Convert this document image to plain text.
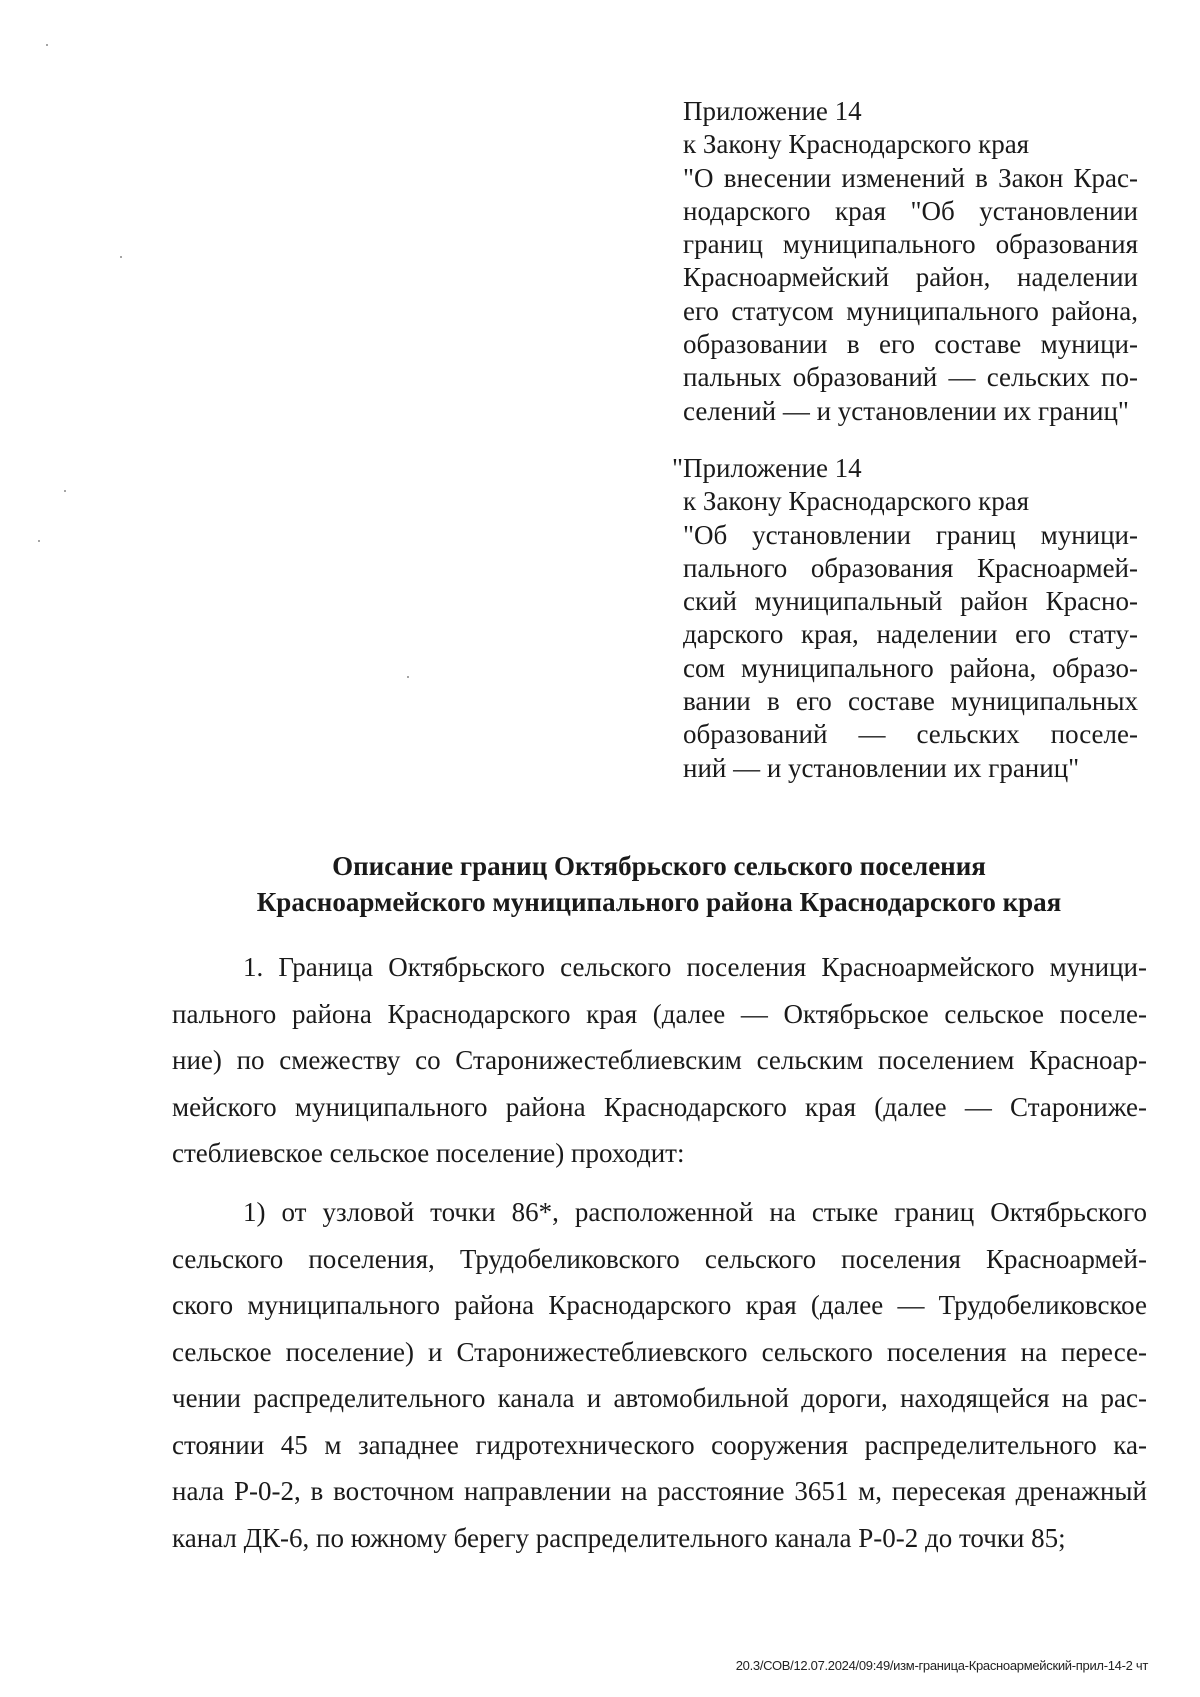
Приложение 14
к Закону Краснодарского края
"О внесении изменений в Закон Крас-
нодарского края "Об установлении
границ муниципального образования
Красноармейский район, наделении
его статусом муниципального района,
образовании в его составе муници-
пальных образований — сельских по-
селений — и установлении их границ"
"Приложение 14
к Закону Краснодарского края
"Об установлении границ муници-
пального образования Красноармей-
ский муниципальный район Красно-
дарского края, наделении его стату-
сом муниципального района, образо-
вании в его составе муниципальных
образований — сельских поселе-
ний — и установлении их границ"
Описание границ Октябрьского сельского поселения
Красноармейского муниципального района Краснодарского края
1. Граница Октябрьского сельского поселения Красноармейского муници-
пального района Краснодарского края (далее — Октябрьское сельское поселе-
ние) по смежеству со Старонижестеблиевским сельским поселением Красноар-
мейского муниципального района Краснодарского края (далее — Старониже-
стеблиевское сельское поселение) проходит:
1) от узловой точки 86*, расположенной на стыке границ Октябрьского
сельского поселения, Трудобеликовского сельского поселения Красноармей-
ского муниципального района Краснодарского края (далее — Трудобеликовское
сельское поселение) и Старонижестеблиевского сельского поселения на пересе-
чении распределительного канала и автомобильной дороги, находящейся на рас-
стоянии 45 м западнее гидротехнического сооружения распределительного ка-
нала Р-0-2, в восточном направлении на расстояние 3651 м, пересекая дренажный
канал ДК-6, по южному берегу распределительного канала Р-0-2 до точки 85;
20.3/СОВ/12.07.2024/09:49/изм-граница-Красноармейский-прил-14-2 чт
